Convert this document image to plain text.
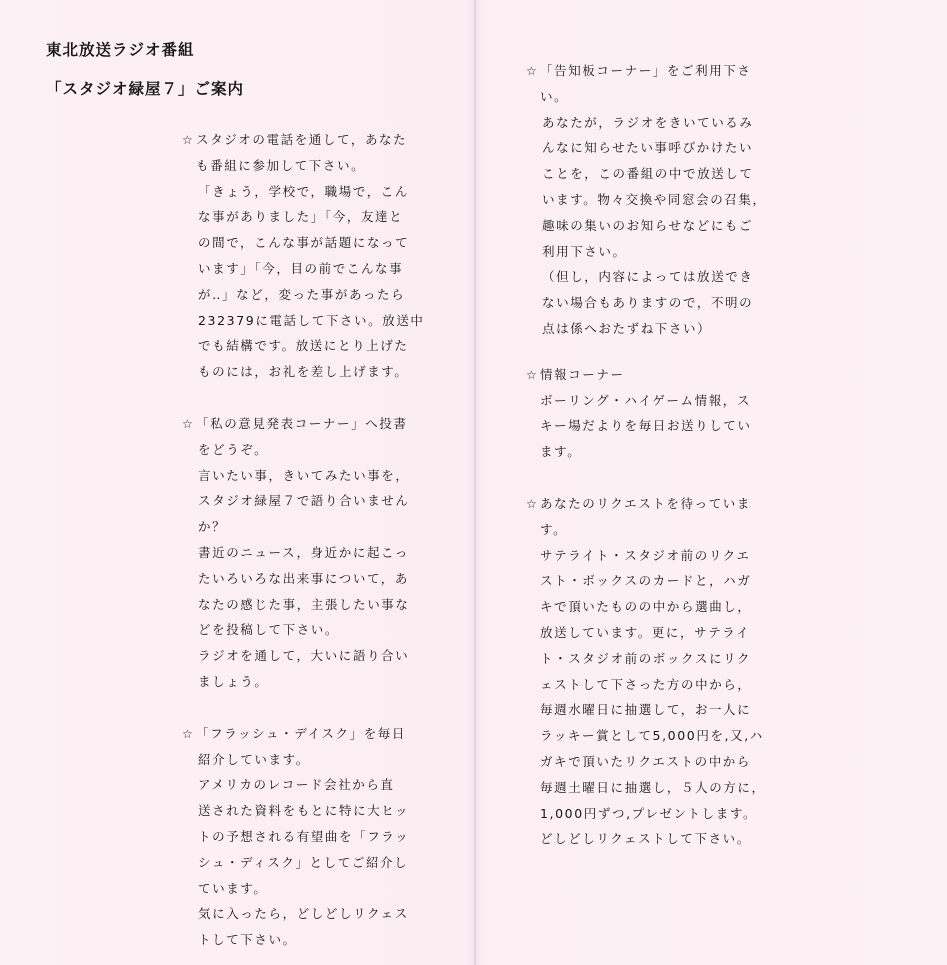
東北放送ラジオ番組
「スタジオ緑屋７」ご案内
☆ スタジオの電話を通して，あなた
も番組に参加して下さい。
「きょう，学校で，職場で，こん
な事がありました」「今，友達と
の間で，こんな事が話題になって
います」「今，目の前でこんな事
が‥」など，変った事があったら
232379に電話して下さい。放送中
でも結構です。放送にとり上げた
ものには，お礼を差し上げます。
☆ 「私の意見発表コーナー」へ投書
をどうぞ。
言いたい事，きいてみたい事を，
スタジオ緑屋７で語り合いません
か？
書近のニュース，身近かに起こっ
たいろいろな出来事について，あ
なたの感じた事，主張したい事な
どを投稿して下さい。
ラジオを通して，大いに語り合い
ましょう。
☆ 「フラッシュ・デイスク」を毎日
紹介しています。
アメリカのレコード会社から直
送された資料をもとに特に大ヒッ
トの予想される有望曲を「フラッ
シュ・ディスク」としてご紹介し
ています。
気に入ったら，どしどしリクェス
トして下さい。
☆ 「告知板コーナー」をご利用下さ
い。
あなたが，ラジオをきいているみ
んなに知らせたい事呼びかけたい
ことを，この番組の中で放送して
います。物々交換や同窓会の召集，
趣味の集いのお知らせなどにもご
利用下さい。
（但し，内容によっては放送でき
ない場合もありますので，不明の
点は係へおたずね下さい）
☆ 情報コーナー
ボーリング・ハイゲーム情報，ス
キー場だよりを毎日お送りしてい
ます。
☆ あなたのリクエストを待っていま
す。
サテライト・スタジオ前のリクエ
スト・ボックスのカードと，ハガ
キで頂いたものの中から選曲し，
放送しています。更に，サテライ
ト・スタジオ前のボックスにリク
ェストして下さった方の中から，
毎週水曜日に抽選して，お一人に
ラッキー賞として5,000円を,又,ハ
ガキで頂いたリクエストの中から
毎週土曜日に抽選し，５人の方に，
1,000円ずつ,プレゼントします。
どしどしリクェストして下さい。
